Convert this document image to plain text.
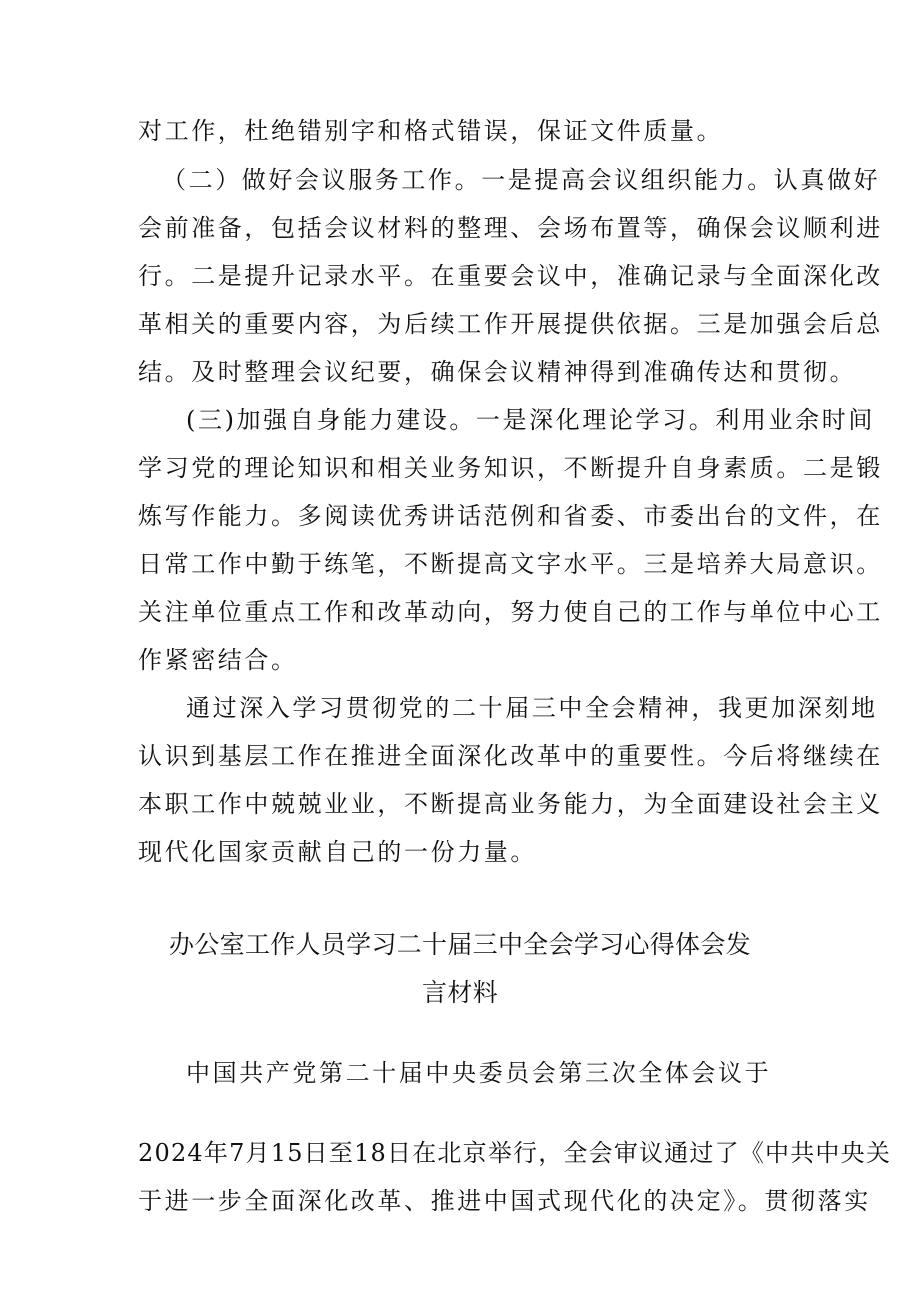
对工作，杜绝错别字和格式错误，保证文件质量。
（二）做好会议服务工作。一是提高会议组织能力。认真做好
会前准备，包括会议材料的整理、会场布置等，确保会议顺利进
行。二是提升记录水平。在重要会议中，准确记录与全面深化改
革相关的重要内容，为后续工作开展提供依据。三是加强会后总
结。及时整理会议纪要，确保会议精神得到准确传达和贯彻。
(三)加强自身能力建设。一是深化理论学习。利用业余时间
学习党的理论知识和相关业务知识，不断提升自身素质。二是锻
炼写作能力。多阅读优秀讲话范例和省委、市委出台的文件，在
日常工作中勤于练笔，不断提高文字水平。三是培养大局意识。
关注单位重点工作和改革动向，努力使自己的工作与单位中心工
作紧密结合。
通过深入学习贯彻党的二十届三中全会精神，我更加深刻地
认识到基层工作在推进全面深化改革中的重要性。今后将继续在
本职工作中兢兢业业，不断提高业务能力，为全面建设社会主义
现代化国家贡献自己的一份力量。
办公室工作人员学习二十届三中全会学习心得体会发
言材料
中国共产党第二十届中央委员会第三次全体会议于
2024年7月15日至18日在北京举行，全会审议通过了《中共中央关
于进一步全面深化改革、推进中国式现代化的决定》。贯彻落实
